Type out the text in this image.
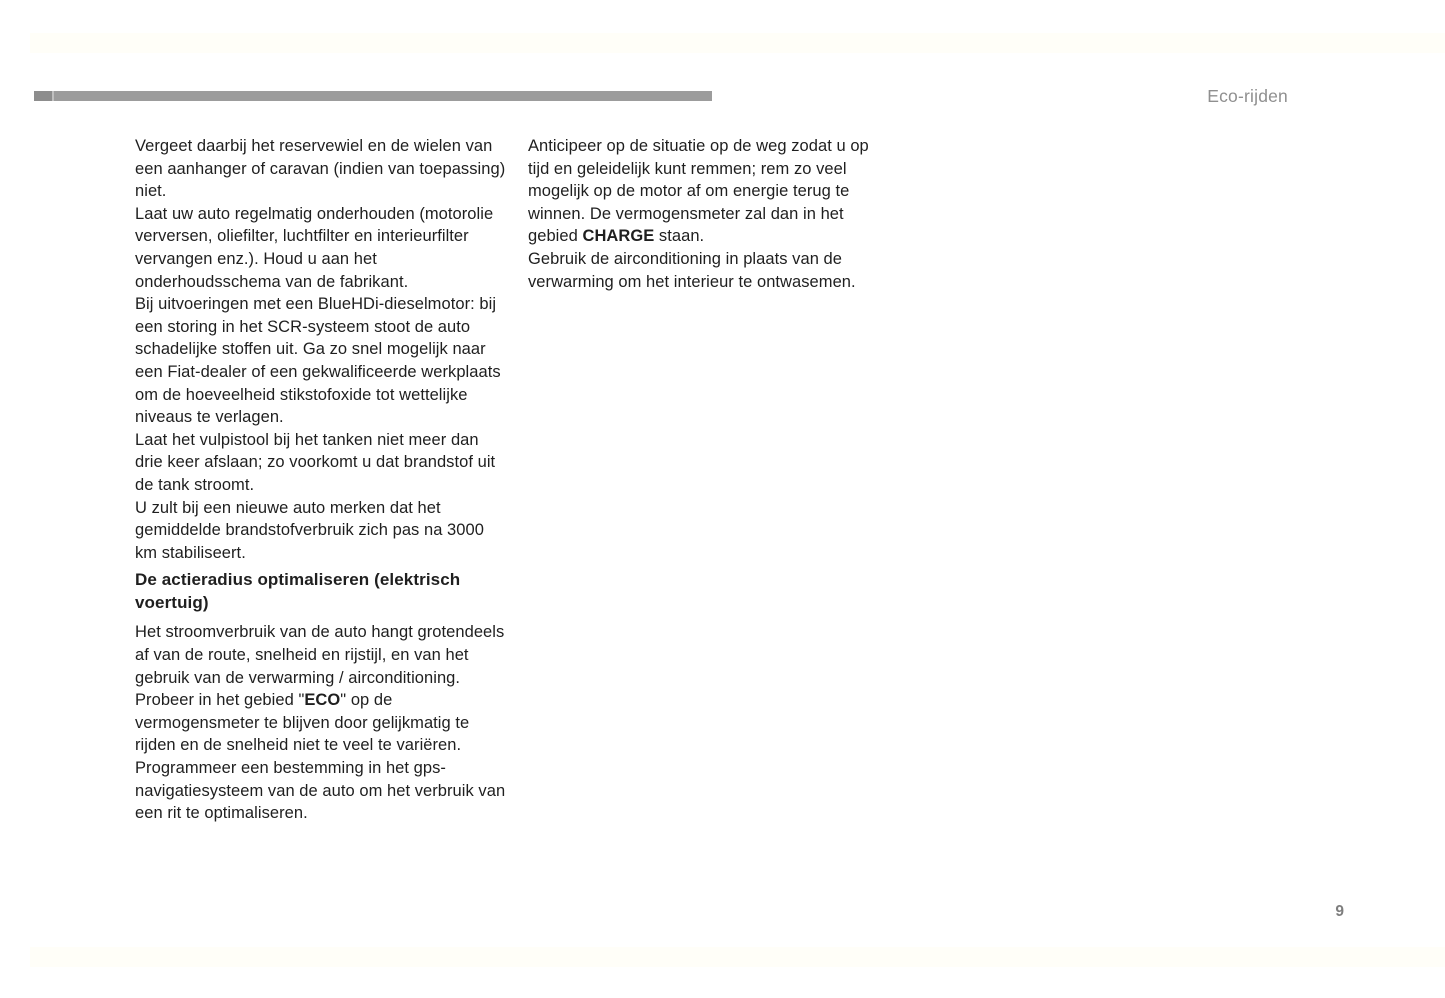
Eco-rijden

Vergeet daarbij het reservewiel en de wielen van een aanhanger of caravan (indien van toepassing) niet.

Laat uw auto regelmatig onderhouden (motorolie verversen, oliefilter, luchtfilter en interieurfilter vervangen enz.). Houd u aan het onderhoudsschema van de fabrikant.

Bij uitvoeringen met een BlueHDi-dieselmotor: bij een storing in het SCR-systeem stoot de auto schadelijke stoffen uit. Ga zo snel mogelijk naar een Fiat-dealer of een gekwalificeerde werkplaats om de hoeveelheid stikstofoxide tot wettelijke niveaus te verlagen.

Laat het vulpistool bij het tanken niet meer dan drie keer afslaan; zo voorkomt u dat brandstof uit de tank stroomt.

U zult bij een nieuwe auto merken dat het gemiddelde brandstofverbruik zich pas na 3000 km stabiliseert.

De actieradius optimaliseren (elektrisch voertuig)

Het stroomverbruik van de auto hangt grotendeels af van de route, snelheid en rijstijl, en van het gebruik van de verwarming / airconditioning.

Probeer in het gebied "ECO" op de vermogensmeter te blijven door gelijkmatig te rijden en de snelheid niet te veel te variëren.

Programmeer een bestemming in het gps-navigatiesysteem van de auto om het verbruik van een rit te optimaliseren.

Anticipeer op de situatie op de weg zodat u op tijd en geleidelijk kunt remmen; rem zo veel mogelijk op de motor af om energie terug te winnen. De vermogensmeter zal dan in het gebied CHARGE staan.

Gebruik de airconditioning in plaats van de verwarming om het interieur te ontwasemen.

9
